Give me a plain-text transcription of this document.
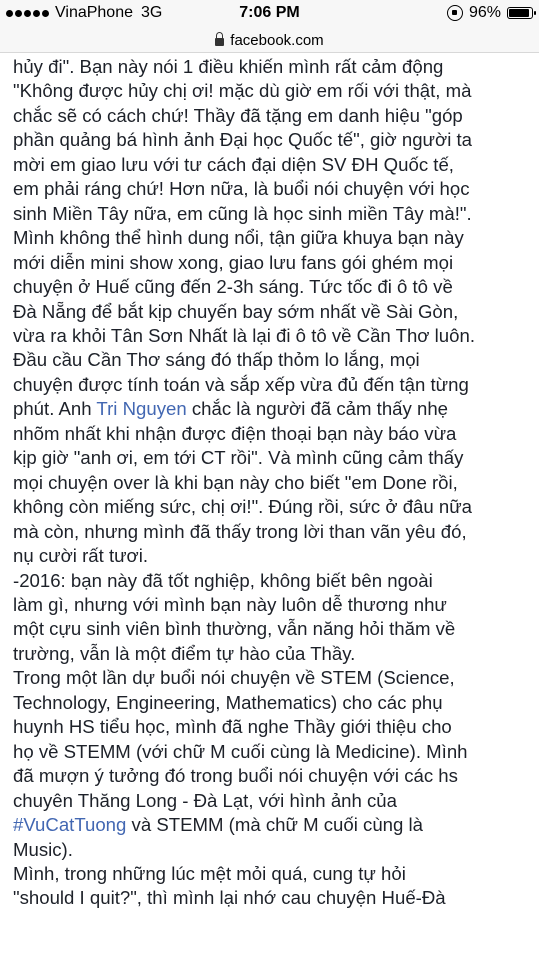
VinaPhone 3G	7:06 PM	96%
facebook.com
hủy đi". Bạn này nói 1 điều khiến mình rất cảm động
"Không được hủy chị ơi! mặc dù giờ em rối với thật, mà
chắc sẽ có cách chứ! Thầy đã tặng em danh hiệu "góp
phần quảng bá hình ảnh Đại học Quốc tế", giờ người ta
mời em giao lưu với tư cách đại diện SV ĐH Quốc tế,
em phải ráng chứ! Hơn nữa, là buổi nói chuyện với học
sinh Miền Tây nữa, em cũng là học sinh miền Tây mà!".
Mình không thể hình dung nổi, tận giữa khuya bạn này
mới diễn mini show xong, giao lưu fans gói ghém mọi
chuyện ở Huế cũng đến 2-3h sáng. Tức tốc đi ô tô về
Đà Nẵng để bắt kịp chuyến bay sớm nhất về Sài Gòn,
vừa ra khỏi Tân Sơn Nhất là lại đi ô tô về Cần Thơ luôn.
Đầu cầu Cần Thơ sáng đó thấp thỏm lo lắng, mọi
chuyện được tính toán và sắp xếp vừa đủ đến tận từng
phút. Anh Tri Nguyen chắc là người đã cảm thấy nhẹ
nhõm nhất khi nhận được điện thoại bạn này báo vừa
kịp giờ "anh ơi, em tới CT rồi". Và mình cũng cảm thấy
mọi chuyện over là khi bạn này cho biết "em Done rồi,
không còn miếng sức, chị ơi!". Đúng rồi, sức ở đâu nữa
mà còn, nhưng mình đã thấy trong lời than vãn yêu đó,
nụ cười rất tươi.
-2016: bạn này đã tốt nghiệp, không biết bên ngoài
làm gì, nhưng với mình bạn này luôn dễ thương như
một cựu sinh viên bình thường, vẫn năng hỏi thăm về
trường, vẫn là một điểm tự hào của Thầy.
Trong một lần dự buổi nói chuyện về STEM (Science,
Technology, Engineering, Mathematics) cho các phụ
huynh HS tiểu học, mình đã nghe Thầy giới thiệu cho
họ về STEMM (với chữ M cuối cùng là Medicine). Mình
đã mượn ý tưởng đó trong buổi nói chuyện với các hs
chuyên Thăng Long - Đà Lạt, với hình ảnh của
#VuCatTuong và STEMM (mà chữ M cuối cùng là
Music).
Mình, trong những lúc mệt mỏi quá, cung tự hỏi
"should I quit?", thì mình lại nhớ cau chuyện Huế-Đà
